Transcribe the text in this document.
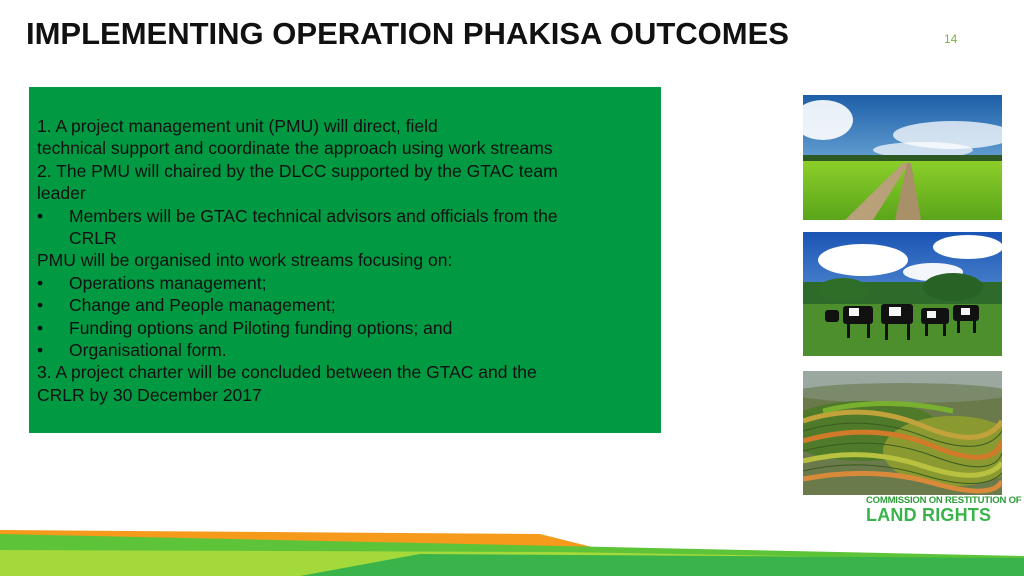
IMPLEMENTING OPERATION PHAKISA OUTCOMES	14

1. A project management unit (PMU) will direct, field

technical support and coordinate the approach using work streams

2. The PMU will chaired by the DLCC supported by the GTAC team

leader

•	Members will be GTAC technical advisors and officials from the

CRLR

PMU will be organised into work streams focusing on:

•	Operations management;
•	Change and People management;
•	Funding options and Piloting funding options; and
•	Organisational form.

3. A project charter will be concluded between the GTAC and the

CRLR by 30 December 2017

COMMISSION ON RESTITUTION OF
LAND RIGHTS
